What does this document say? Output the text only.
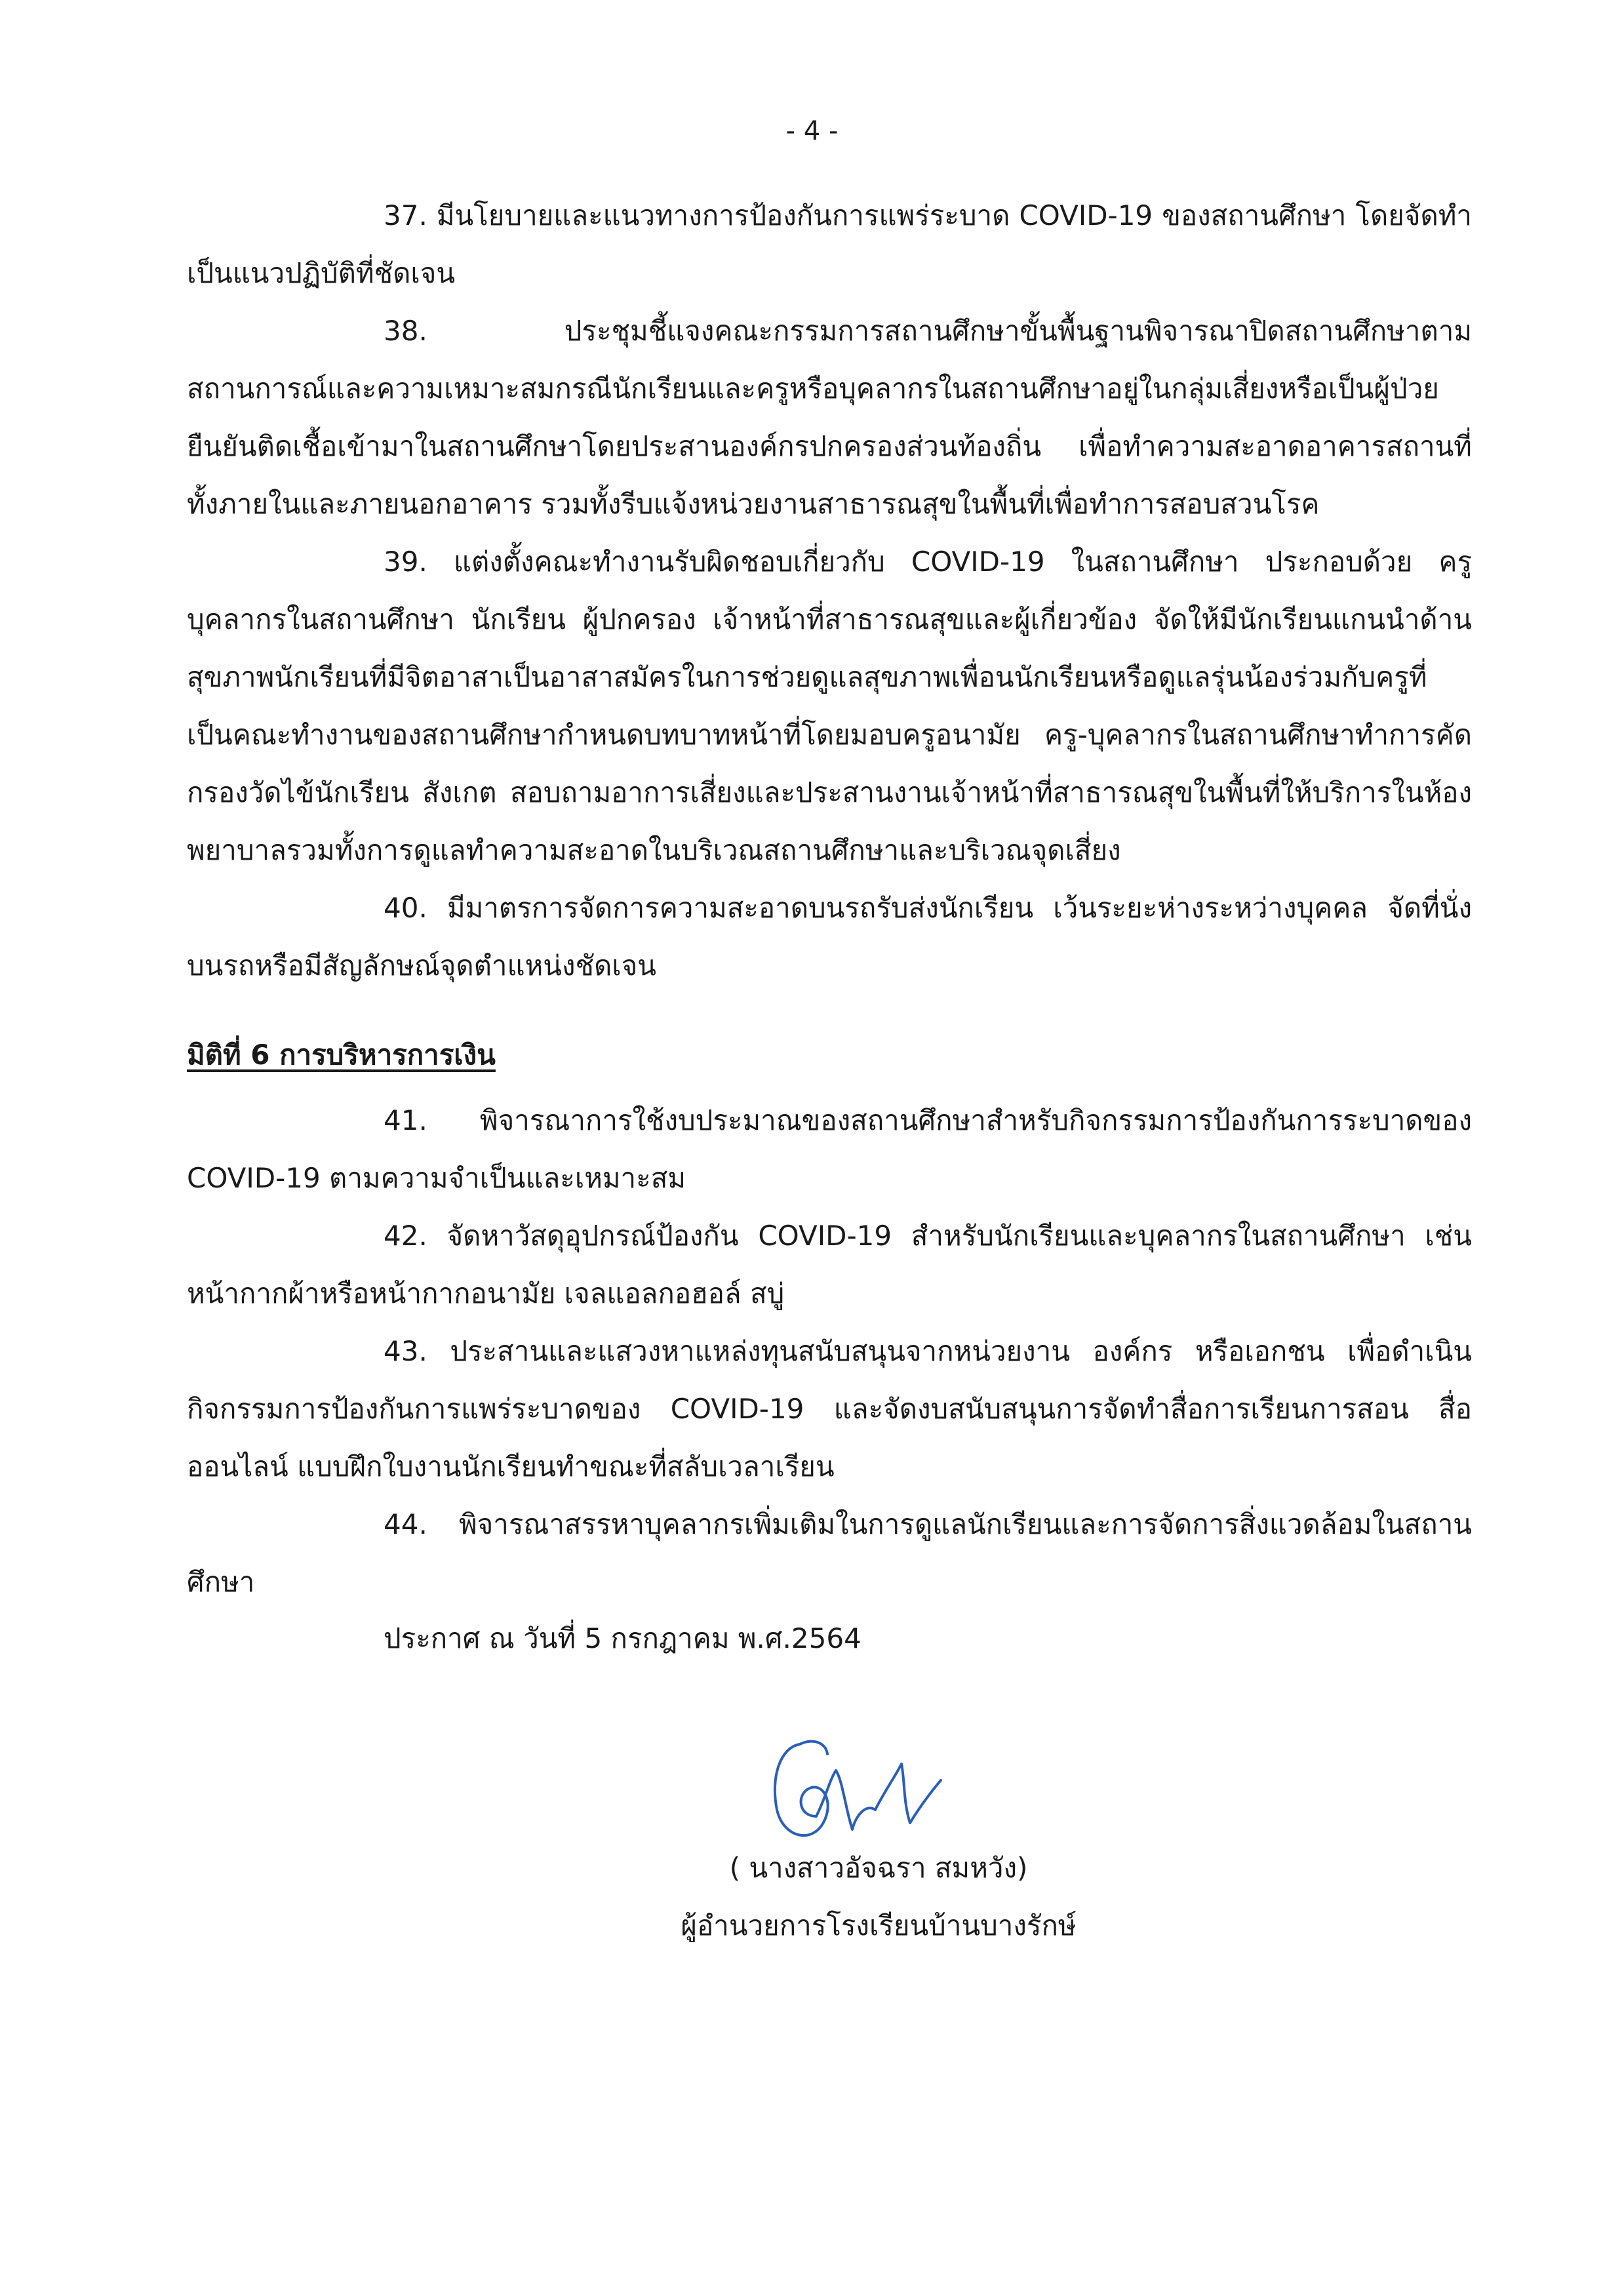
- 4 -

37. มีนโยบายและแนวทางการป้องกันการแพร่ระบาด COVID-19 ของสถานศึกษา โดยจัดทำเป็นแนวปฏิบัติที่ชัดเจน

38. ประชุมชี้แจงคณะกรรมการสถานศึกษาขั้นพื้นฐานพิจารณาปิดสถานศึกษาตามสถานการณ์และความเหมาะสมกรณีนักเรียนและครูหรือบุคลากรในสถานศึกษาอยู่ในกลุ่มเสี่ยงหรือเป็นผู้ป่วยยืนยันติดเชื้อเข้ามาในสถานศึกษาโดยประสานองค์กรปกครองส่วนท้องถิ่น เพื่อทำความสะอาดอาคารสถานที่ทั้งภายในและภายนอกอาคาร รวมทั้งรีบแจ้งหน่วยงานสาธารณสุขในพื้นที่เพื่อทำการสอบสวนโรค

39. แต่งตั้งคณะทำงานรับผิดชอบเกี่ยวกับ COVID-19 ในสถานศึกษา ประกอบด้วย ครู บุคลากรในสถานศึกษา นักเรียน ผู้ปกครอง เจ้าหน้าที่สาธารณสุขและผู้เกี่ยวข้อง จัดให้มีนักเรียนแกนนำด้านสุขภาพนักเรียนที่มีจิตอาสาเป็นอาสาสมัครในการช่วยดูแลสุขภาพเพื่อนนักเรียนหรือดูแลรุ่นน้องร่วมกับครูที่เป็นคณะทำงานของสถานศึกษากำหนดบทบาทหน้าที่โดยมอบครูอนามัย ครู-บุคลากรในสถานศึกษาทำการคัดกรองวัดไข้นักเรียน สังเกต สอบถามอาการเสี่ยงและประสานงานเจ้าหน้าที่สาธารณสุขในพื้นที่ให้บริการในห้องพยาบาลรวมทั้งการดูแลทำความสะอาดในบริเวณสถานศึกษาและบริเวณจุดเสี่ยง

40. มีมาตรการจัดการความสะอาดบนรถรับส่งนักเรียน เว้นระยะห่างระหว่างบุคคล จัดที่นั่งบนรถหรือมีสัญลักษณ์จุดตำแหน่งชัดเจน

มิติที่ 6 การบริหารการเงิน

41. พิจารณาการใช้งบประมาณของสถานศึกษาสำหรับกิจกรรมการป้องกันการระบาดของ COVID-19 ตามความจำเป็นและเหมาะสม

42. จัดหาวัสดุอุปกรณ์ป้องกัน COVID-19 สำหรับนักเรียนและบุคลากรในสถานศึกษา เช่น หน้ากากผ้าหรือหน้ากากอนามัย เจลแอลกอฮอล์ สบู่

43. ประสานและแสวงหาแหล่งทุนสนับสนุนจากหน่วยงาน องค์กร หรือเอกชน เพื่อดำเนินกิจกรรมการป้องกันการแพร่ระบาดของ COVID-19 และจัดงบสนับสนุนการจัดทำสื่อการเรียนการสอน สื่อออนไลน์ แบบฝึกใบงานนักเรียนทำขณะที่สลับเวลาเรียน

44. พิจารณาสรรหาบุคลากรเพิ่มเติมในการดูแลนักเรียนและการจัดการสิ่งแวดล้อมในสถานศึกษา

ประกาศ ณ วันที่ 5 กรกฎาคม พ.ศ.2564
( นางสาวอัจฉรา สมหวัง)
ผู้อำนวยการโรงเรียนบ้านบางรักษ์
